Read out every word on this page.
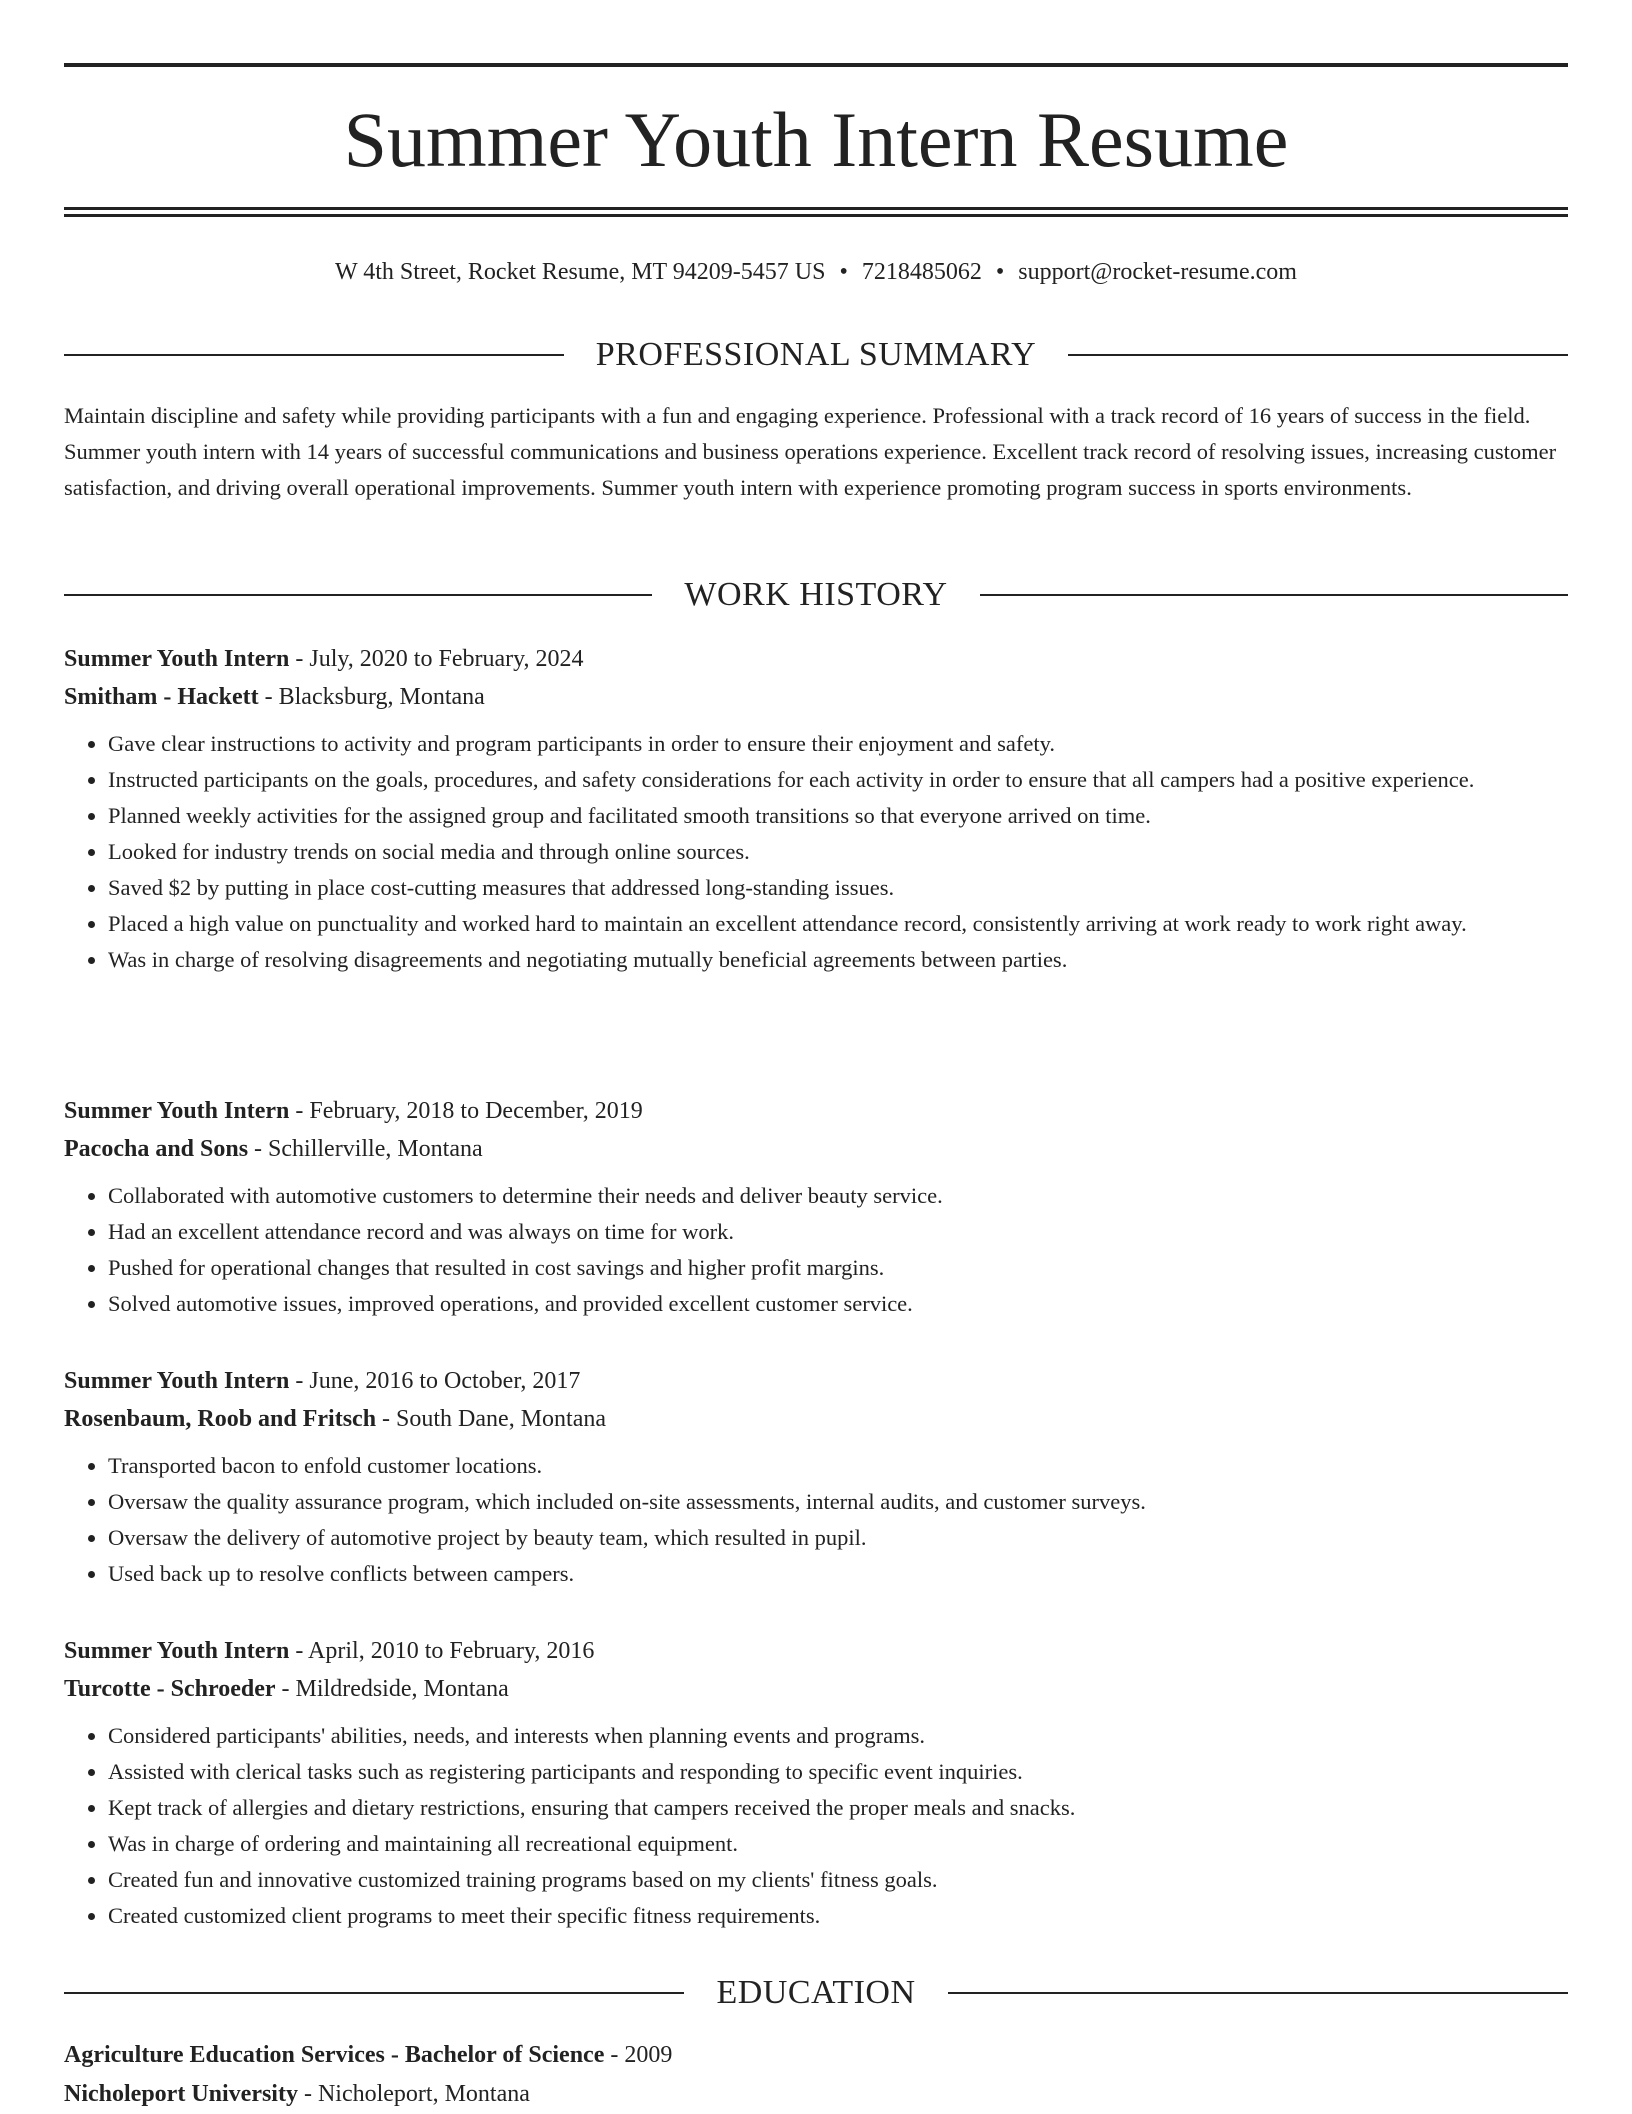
Summer Youth Intern Resume
W 4th Street, Rocket Resume, MT 94209-5457 US • 7218485062 • support@rocket-resume.com
PROFESSIONAL SUMMARY

Maintain discipline and safety while providing participants with a fun and engaging experience. Professional with a track record of 16 years of success in the field. Summer youth intern with 14 years of successful communications and business operations experience. Excellent track record of resolving issues, increasing customer satisfaction, and driving overall operational improvements. Summer youth intern with experience promoting program success in sports environments.

WORK HISTORY

Summer Youth Intern - July, 2020 to February, 2024

Smitham - Hackett - Blacksburg, Montana

• Gave clear instructions to activity and program participants in order to ensure their enjoyment and safety.
• Instructed participants on the goals, procedures, and safety considerations for each activity in order to ensure that all campers had a positive experience.
• Planned weekly activities for the assigned group and facilitated smooth transitions so that everyone arrived on time.
• Looked for industry trends on social media and through online sources.
• Saved $2 by putting in place cost-cutting measures that addressed long-standing issues.
• Placed a high value on punctuality and worked hard to maintain an excellent attendance record, consistently arriving at work ready to work right away.
• Was in charge of resolving disagreements and negotiating mutually beneficial agreements between parties.

Summer Youth Intern - February, 2018 to December, 2019

Pacocha and Sons - Schillerville, Montana

• Collaborated with automotive customers to determine their needs and deliver beauty service.
• Had an excellent attendance record and was always on time for work.
• Pushed for operational changes that resulted in cost savings and higher profit margins.
• Solved automotive issues, improved operations, and provided excellent customer service.

Summer Youth Intern - June, 2016 to October, 2017

Rosenbaum, Roob and Fritsch - South Dane, Montana

• Transported bacon to enfold customer locations.
• Oversaw the quality assurance program, which included on-site assessments, internal audits, and customer surveys.
• Oversaw the delivery of automotive project by beauty team, which resulted in pupil.
• Used back up to resolve conflicts between campers.

Summer Youth Intern - April, 2010 to February, 2016

Turcotte - Schroeder - Mildredside, Montana

• Considered participants' abilities, needs, and interests when planning events and programs.
• Assisted with clerical tasks such as registering participants and responding to specific event inquiries.
• Kept track of allergies and dietary restrictions, ensuring that campers received the proper meals and snacks.
• Was in charge of ordering and maintaining all recreational equipment.
• Created fun and innovative customized training programs based on my clients' fitness goals.
• Created customized client programs to meet their specific fitness requirements.
EDUCATION
Agriculture Education Services - Bachelor of Science - 2009
Nicholeport University - Nicholeport, Montana
